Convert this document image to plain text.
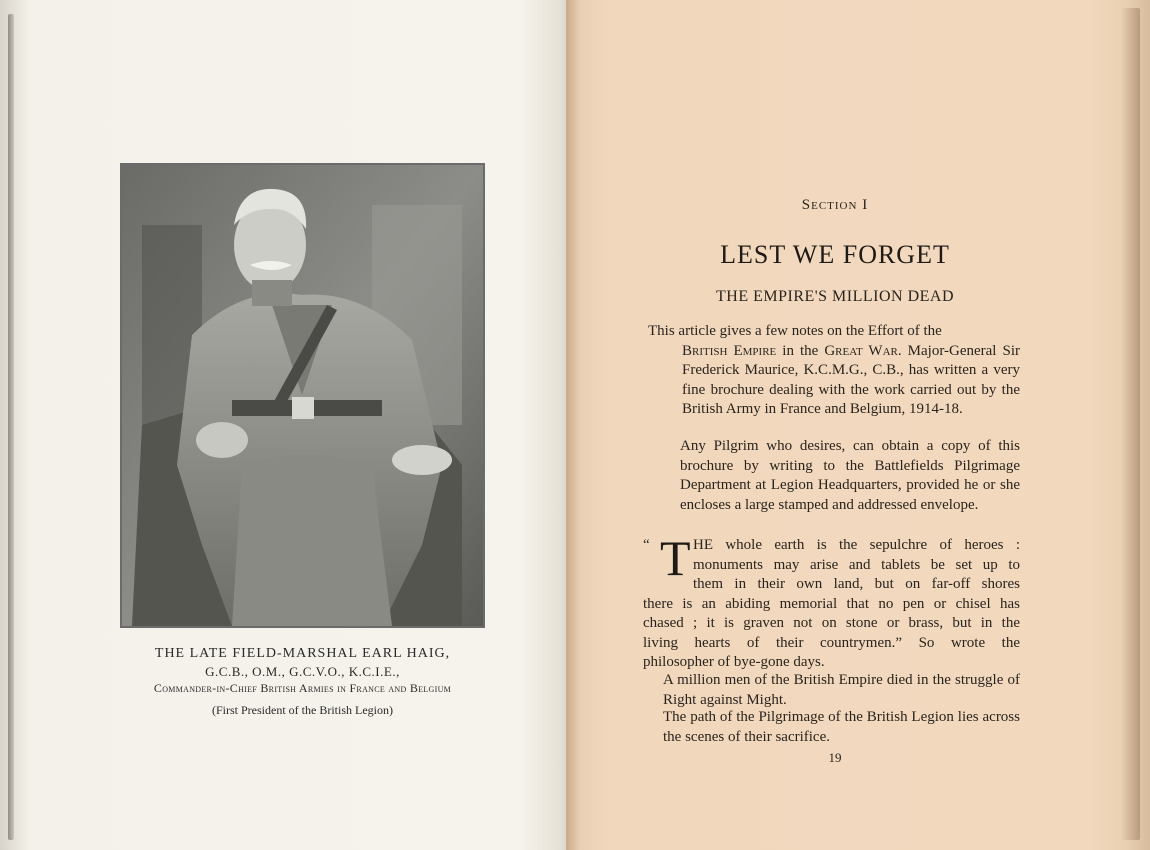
THE LATE FIELD-MARSHAL EARL HAIG,
G.C.B., O.M., G.C.V.O., K.C.I.E.,
Commander-in-Chief British Armies in France and Belgium
(First President of the British Legion)
Section I
LEST WE FORGET
THE EMPIRE'S MILLION DEAD
This article gives a few notes on the Effort of the
British Empire in the Great War. Major-General Sir Frederick Maurice, K.C.M.G., C.B., has written a very fine brochure dealing with the work carried out by the British Army in France and Belgium, 1914-18.
Any Pilgrim who desires, can obtain a copy of this brochure by writing to the Battlefields Pilgrimage Department at Legion Headquarters, provided he or she encloses a large stamped and addressed envelope.
“ T HE whole earth is the sepulchre of heroes :
monuments may arise and tablets be set up to
them in their own land, but on far-off shores
there is an abiding memorial that no pen or chisel has
chased ; it is graven not on stone or brass, but in the
living hearts of their countrymen.” So wrote the
philosopher of bye-gone days.
A million men of the British Empire died in the struggle of Right against Might.
The path of the Pilgrimage of the British Legion lies across the scenes of their sacrifice.
19
